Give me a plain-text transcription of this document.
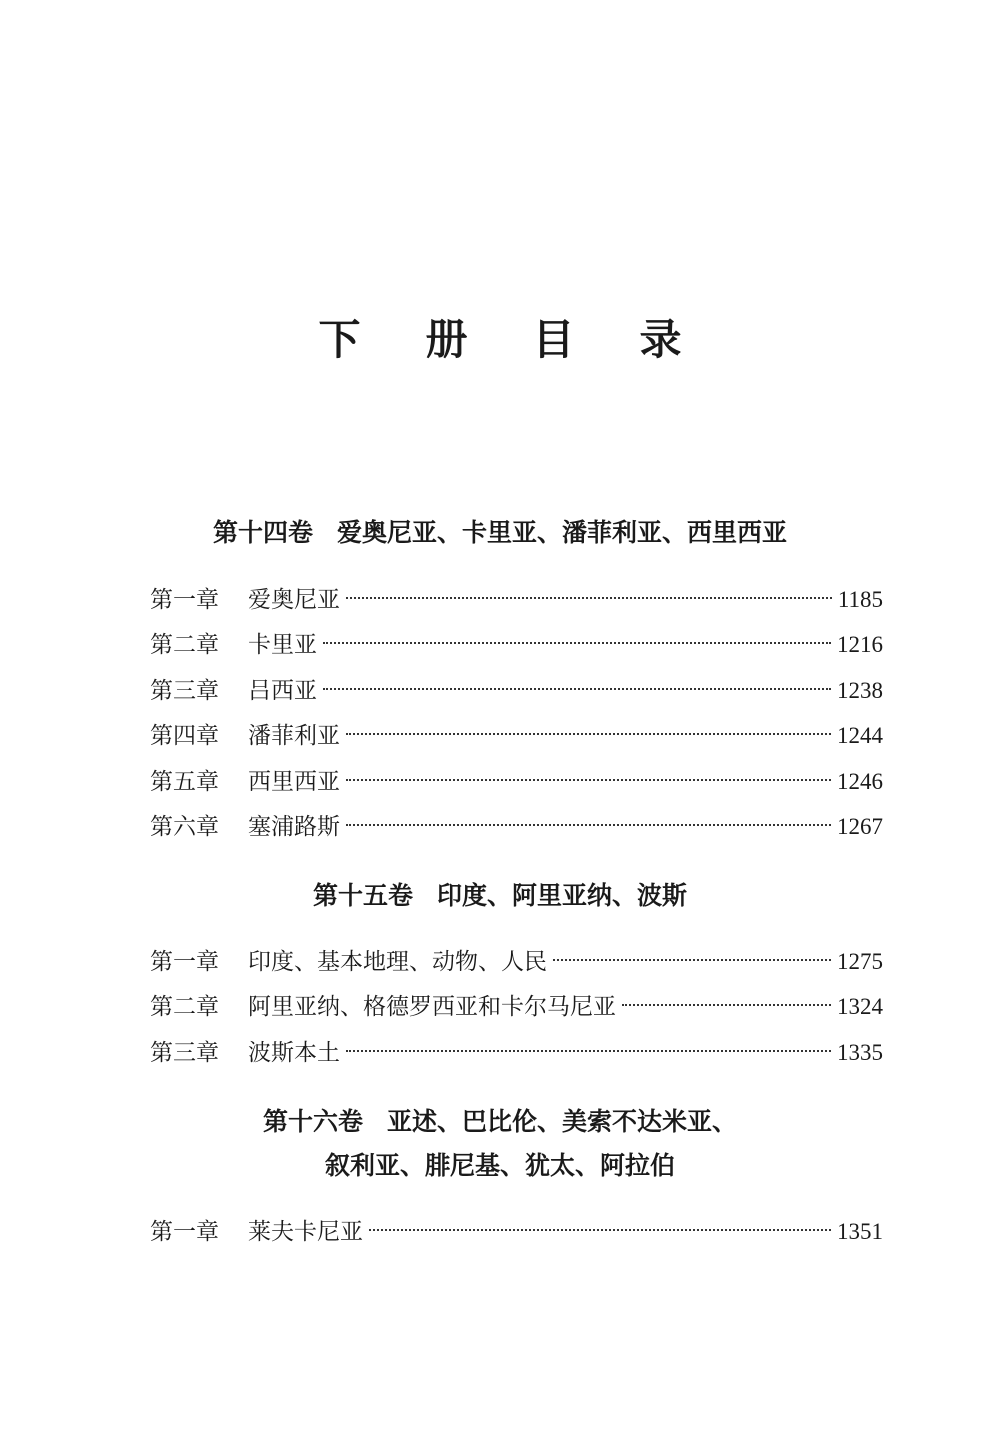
下 册 目 录
第十四卷 爱奥尼亚、卡里亚、潘菲利亚、西里西亚
第一章	爱奥尼亚	1185
第二章	卡里亚	1216
第三章	吕西亚	1238
第四章	潘菲利亚	1244
第五章	西里西亚	1246
第六章	塞浦路斯	1267
第十五卷 印度、阿里亚纳、波斯
第一章	印度、基本地理、动物、人民	1275
第二章	阿里亚纳、格德罗西亚和卡尔马尼亚	1324
第三章	波斯本土	1335
第十六卷 亚述、巴比伦、美索不达米亚、
叙利亚、腓尼基、犹太、阿拉伯
第一章	莱夫卡尼亚	1351
